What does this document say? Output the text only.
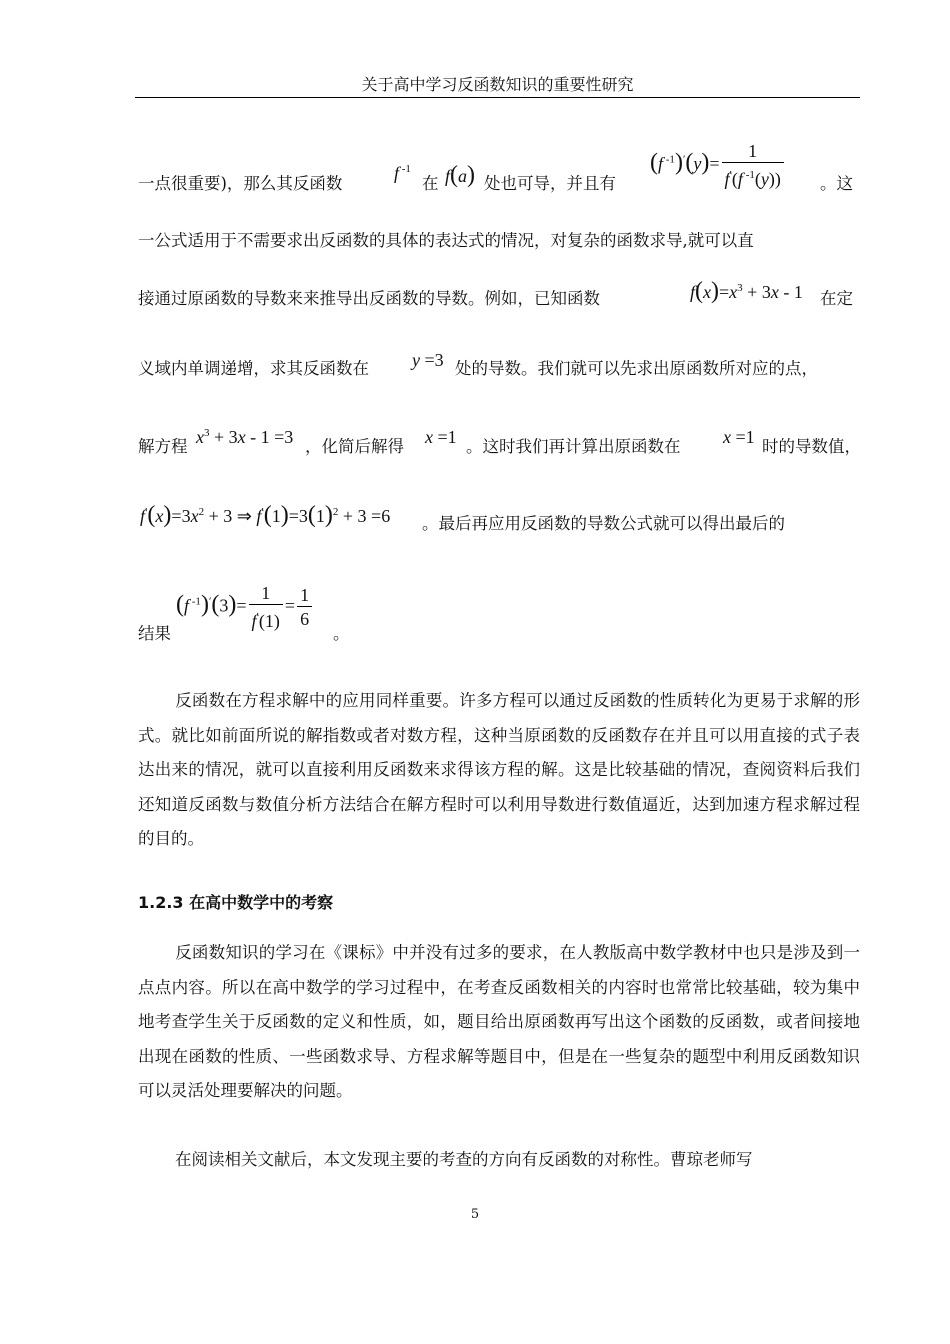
关于高中学习反函数知识的重要性研究
一点很重要)，那么其反函数
f $^{-1}$
在 f(a) 处也可导，并且有
(f $^{-1})'(y)= \frac{1}{f'(f ^{-1}(y))}$ 。这
一公式适用于不需要求出反函数的具体的表达式的情况，对复杂的函数求导,就可以直
接通过原函数的导数来来推导出反函数的导数。例如，已知函数	$f(x)=x^3 + 3x - 1$ 在定
义域内单调递增，求其反函数在 y =3 处的导数。我们就可以先求出原函数所对应的点，
解方程 $x^3 + 3x - 1 =3$ ，化简后解得 x =1 。这时我们再计算出原函数在 x =1 时的导数值，
$f'(x)=3x^2 + 3$ ⇒ $f'(1)=3(1)^2 + 3 =6$ 。最后再应用反函数的导数公式就可以得出最后的
结果
(f $^{-1})'(3)= \frac{1}{f'(1)} = \frac{1}{6}$
。
反函数在方程求解中的应用同样重要。许多方程可以通过反函数的性质转化为更易于求解的形式。就比如前面所说的解指数或者对数方程，这种当原函数的反函数存在并且可以用直接的式子表达出来的情况，就可以直接利用反函数来求得该方程的解。这是比较基础的情况，查阅资料后我们还知道反函数与数值分析方法结合在解方程时可以利用导数进行数值逼近，达到加速方程求解过程的目的。
1.2.3 在高中数学中的考察
反函数知识的学习在《课标》中并没有过多的要求，在人教版高中数学教材中也只是涉及到一点点内容。所以在高中数学的学习过程中，在考查反函数相关的内容时也常常比较基础，较为集中地考查学生关于反函数的定义和性质，如，题目给出原函数再写出这个函数的反函数，或者间接地出现在函数的性质、一些函数求导、方程求解等题目中，但是在一些复杂的题型中利用反函数知识可以灵活处理要解决的问题。
在阅读相关文献后，本文发现主要的考查的方向有反函数的对称性。曹琼老师写
5
